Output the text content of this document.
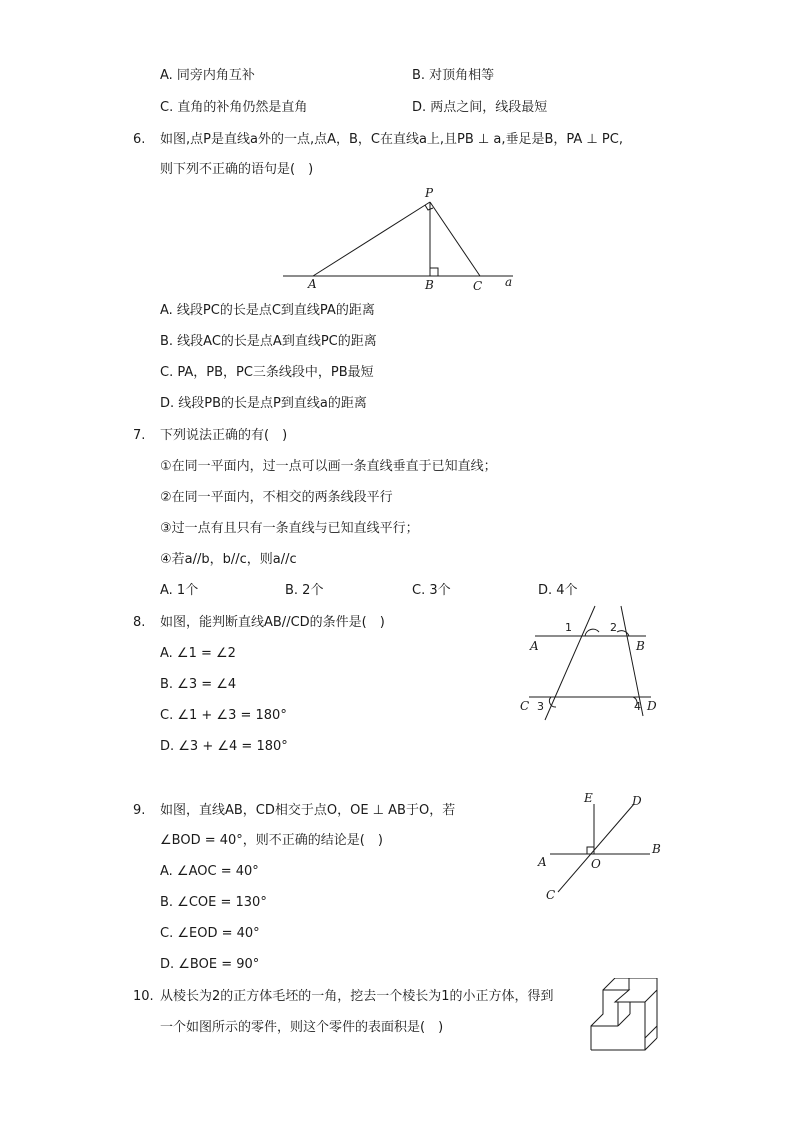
A. 同旁内角互补	B. 对顶角相等
C. 直角的补角仍然是直角	D. 两点之间，线段最短
6. 如图,点P是直线a外的一点,点A，B，C在直线a上,且PB ⊥ a,垂足是B，PA ⊥ PC,
则下列不正确的语句是(　)
P
A	B	C a
A. 线段PC的长是点C到直线PA的距离
B. 线段AC的长是点A到直线PC的距离
C. PA，PB，PC三条线段中，PB最短
D. 线段PB的长是点P到直线a的距离
7. 下列说法正确的有(　)
①在同一平面内，过一点可以画一条直线垂直于已知直线；
②在同一平面内，不相交的两条线段平行
③过一点有且只有一条直线与已知直线平行；
④若a//b，b//c，则a//c
A. 1个	B. 2个	C. 3个	D. 4个
8. 如图，能判断直线AB//CD的条件是(　)
A. ∠1 = ∠2
B. ∠3 = ∠4
C. ∠1 + ∠3 = 180°
D. ∠3 + ∠4 = 180°
1	2
3	4
A	B
C	D
9. 如图，直线AB，CD相交于点O，OE ⊥ AB于O，若
∠BOD = 40°，则不正确的结论是(　)
A. ∠AOC = 40°
B. ∠COE = 130°
C. ∠EOD = 40°
D. ∠BOE = 90°
E	D
A	O
B
C
10. 从棱长为2的正方体毛坯的一角，挖去一个棱长为1的小正方体，得到
一个如图所示的零件，则这个零件的表面积是(　)
